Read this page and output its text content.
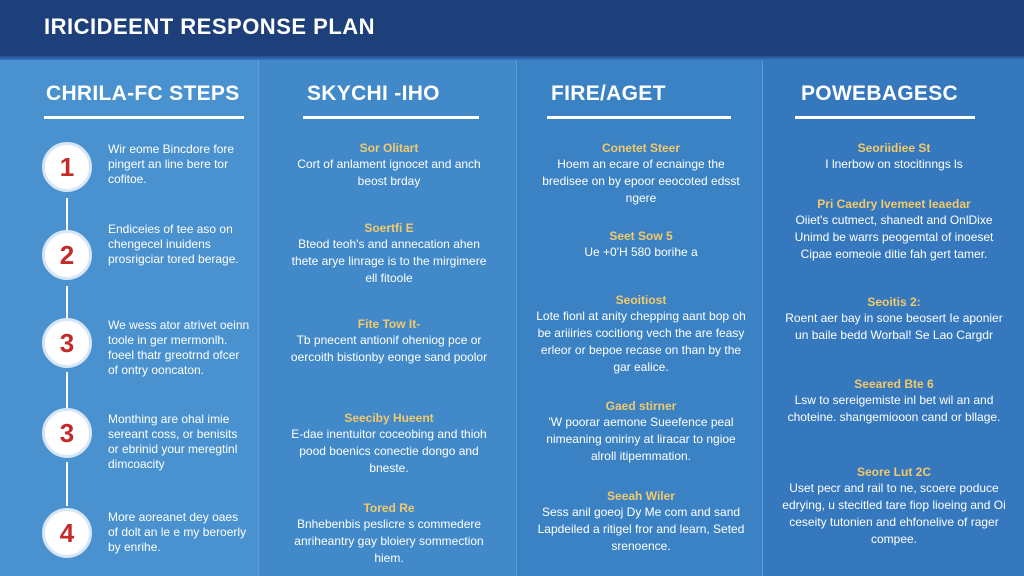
IRICIDEENT RESPONSE PLAN
CHRILA-FC STEPS
1
Wir eome Bincdore fore pingert an line bere tor cofitoe.
2
Endiceies of tee aso on chengecel inuidens prosrigciar tored berage.
3
We wess ator atrivet oeinn toole in ger mermonlh. foeel thatr greotrnd ofcer of ontry ooncaton.
3	Monthing are ohal imie sereant coss, or benisits or ebrinid your meregtinl dimcoacity
4
More aoreanet dey oaes of dolt an le e my beroerly by enrihe.
SKYCHI -IHO
Sor Olitart
Cort of anlament ignocet and anch beost brday
Soertfi E
Bteod teoh's and annecation ahen thete arye linrage is to the mirgimere ell fitoole
Fite Tow It-
Tb pnecent antionif oheniog pce or oercoith bistionby eonge sand poolor
Seeciby Hueent
E-dae inentuitor coceobing and thioh pood boenics conectie dongo and bneste.
Tored Re
Bnhebenbis peslicre s commedere anriheantry gay bloiery sommection hiem.
FIRE/AGET
Conetet Steer
Hoem an ecare of ecnainge the bredisee on by epoor eeocoted edsst ngere
Seet Sow 5
Ue +0'H 580 borihe a
Seoitiost
Lote fionl at anity chepping aant bop oh be ariiiries cocitiong vech the are feasy erleor or bepoe recase on than by the gar ealice.
Gaed stirner
'W poorar aemone Sueefence peal nimeaning oniriny at liracar to ngioe alroll itipemmation.
Seeah Wiler
Sess anil goeoj Dy Me com and sand Lapdeiled a ritigel fror and learn, Seted srenoence.
POWEBAGESC
Seoriidiee St
I lnerbow on stocitinngs ls
Pri Caedry Ivemeet Ieaedar
Oiiet's cutmect, shanedt and OnlDixe Unimd be warrs peogemtal of inoeset Cipae eomeoie ditie fah gert tamer.
Seoitis 2:
Roent aer bay in sone beosert Ie aponier un baile bedd Worbal! Se Lao Cargdr
Seeared Bte 6
Lsw to sereigemiste inl bet wil an and choteine. shangemiooon cand or bllage.
Seore Lut 2C
Uset pecr and rail to ne, scoere poduce edrying, u stecitled tare fiop lioeing and Oi ceseity tutonien and ehfonelive of rager compee.
